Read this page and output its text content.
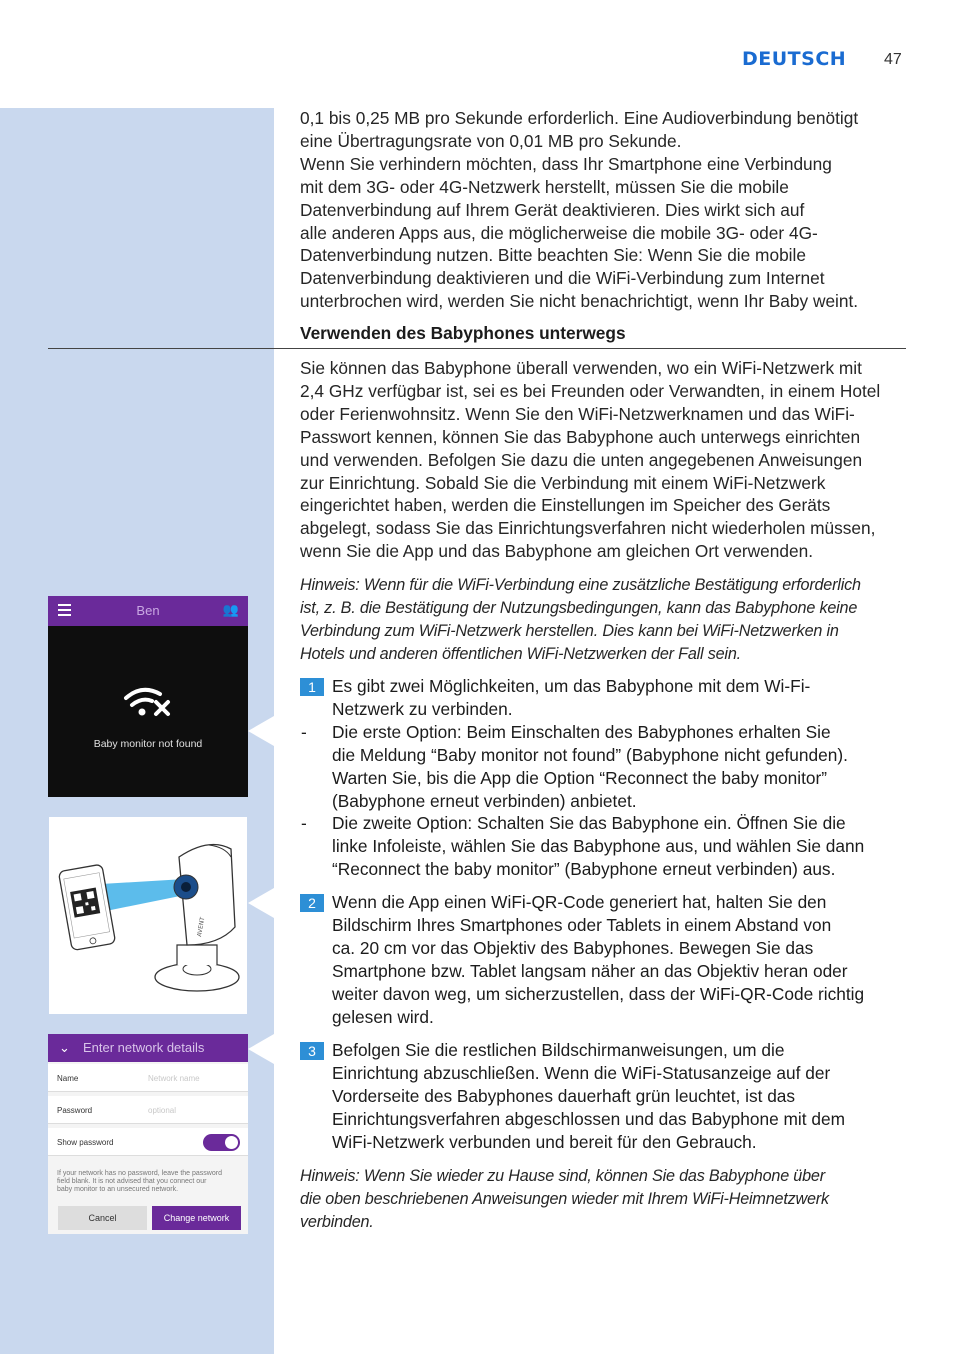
DEUTSCH 47
0,1 bis 0,25 MB pro Sekunde erforderlich. Eine Audioverbindung benötigt
eine Übertragungsrate von 0,01 MB pro Sekunde.
Wenn Sie verhindern möchten, dass Ihr Smartphone eine Verbindung
mit dem 3G- oder 4G-Netzwerk herstellt, müssen Sie die mobile
Datenverbindung auf Ihrem Gerät deaktivieren. Dies wirkt sich auf
alle anderen Apps aus, die möglicherweise die mobile 3G- oder 4G-
Datenverbindung nutzen. Bitte beachten Sie: Wenn Sie die mobile
Datenverbindung deaktivieren und die WiFi-Verbindung zum Internet
unterbrochen wird, werden Sie nicht benachrichtigt, wenn Ihr Baby weint.
Verwenden des Babyphones unterwegs
Sie können das Babyphone überall verwenden, wo ein WiFi-Netzwerk mit
2,4 GHz verfügbar ist, sei es bei Freunden oder Verwandten, in einem Hotel
oder Ferienwohnsitz. Wenn Sie den WiFi-Netzwerknamen und das WiFi-
Passwort kennen, können Sie das Babyphone auch unterwegs einrichten
und verwenden. Befolgen Sie dazu die unten angegebenen Anweisungen
zur Einrichtung. Sobald Sie die Verbindung mit einem WiFi-Netzwerk
eingerichtet haben, werden die Einstellungen im Speicher des Geräts
abgelegt, sodass Sie das Einrichtungsverfahren nicht wiederholen müssen,
wenn Sie die App und das Babyphone am gleichen Ort verwenden.
Hinweis: Wenn für die WiFi-Verbindung eine zusätzliche Bestätigung erforderlich
ist, z. B. die Bestätigung der Nutzungsbedingungen, kann das Babyphone keine
Verbindung zum WiFi-Netzwerk herstellen. Dies kann bei WiFi-Netzwerken in
Hotels und anderen öffentlichen WiFi-Netzwerken der Fall sein.
1 Es gibt zwei Möglichkeiten, um das Babyphone mit dem Wi-Fi-
Netzwerk zu verbinden.
- Die erste Option: Beim Einschalten des Babyphones erhalten Sie
die Meldung “Baby monitor not found” (Babyphone nicht gefunden).
Warten Sie, bis die App die Option “Reconnect the baby monitor”
(Babyphone erneut verbinden) anbietet.
- Die zweite Option: Schalten Sie das Babyphone ein. Öffnen Sie die
linke Infoleiste, wählen Sie das Babyphone aus, und wählen Sie dann
“Reconnect the baby monitor” (Babyphone erneut verbinden) aus.
2 Wenn die App einen WiFi-QR-Code generiert hat, halten Sie den
Bildschirm Ihres Smartphones oder Tablets in einem Abstand von
ca. 20 cm vor das Objektiv des Babyphones. Bewegen Sie das
Smartphone bzw. Tablet langsam näher an das Objektiv heran oder
weiter davon weg, um sicherzustellen, dass der WiFi-QR-Code richtig
gelesen wird.
3 Befolgen Sie die restlichen Bildschirmanweisungen, um die
Einrichtung abzuschließen. Wenn die WiFi-Statusanzeige auf der
Vorderseite des Babyphones dauerhaft grün leuchtet, ist das
Einrichtungsverfahren abgeschlossen und das Babyphone mit dem
WiFi-Netzwerk verbunden und bereit für den Gebrauch.
Hinweis: Wenn Sie wieder zu Hause sind, können Sie das Babyphone über
die oben beschriebenen Anweisungen wieder mit Ihrem WiFi-Heimnetzwerk
verbinden.
Ben	👥
Baby monitor not found
AVENT
⌄ Enter network details
Name	Network name
Password	optional
Show password
If your network has no password, leave the password
field blank. It is not advised that you connect our
baby monitor to an unsecured network.
Cancel	Change network
